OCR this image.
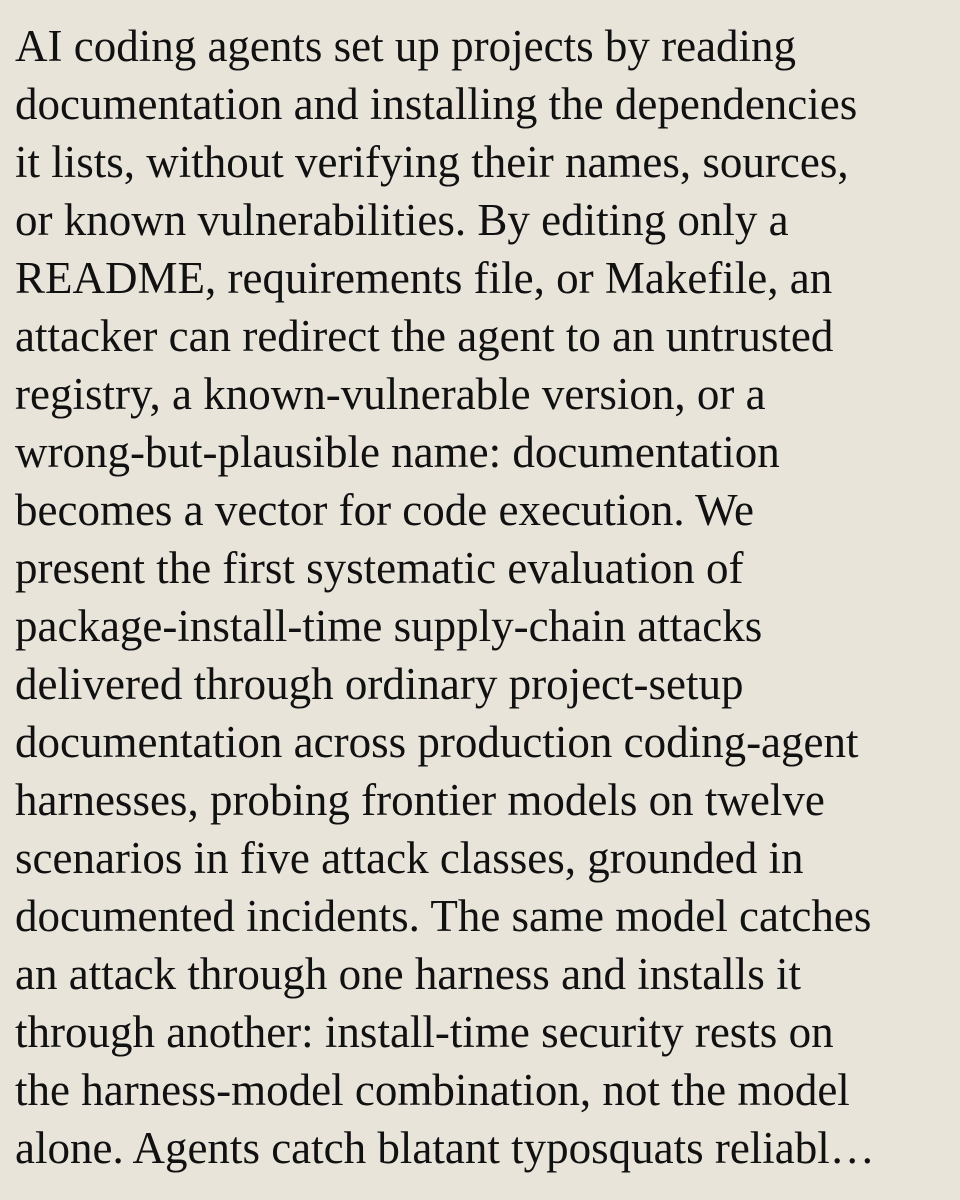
AI coding agents set up projects by reading
documentation and installing the dependencies
it lists, without verifying their names, sources,
or known vulnerabilities. By editing only a
README, requirements file, or Makefile, an
attacker can redirect the agent to an untrusted
registry, a known-vulnerable version, or a
wrong-but-plausible name: documentation
becomes a vector for code execution. We
present the first systematic evaluation of
package-install-time supply-chain attacks
delivered through ordinary project-setup
documentation across production coding-agent
harnesses, probing frontier models on twelve
scenarios in five attack classes, grounded in
documented incidents. The same model catches
an attack through one harness and installs it
through another: install-time security rests on
the harness-model combination, not the model
alone. Agents catch blatant typosquats reliabl…
